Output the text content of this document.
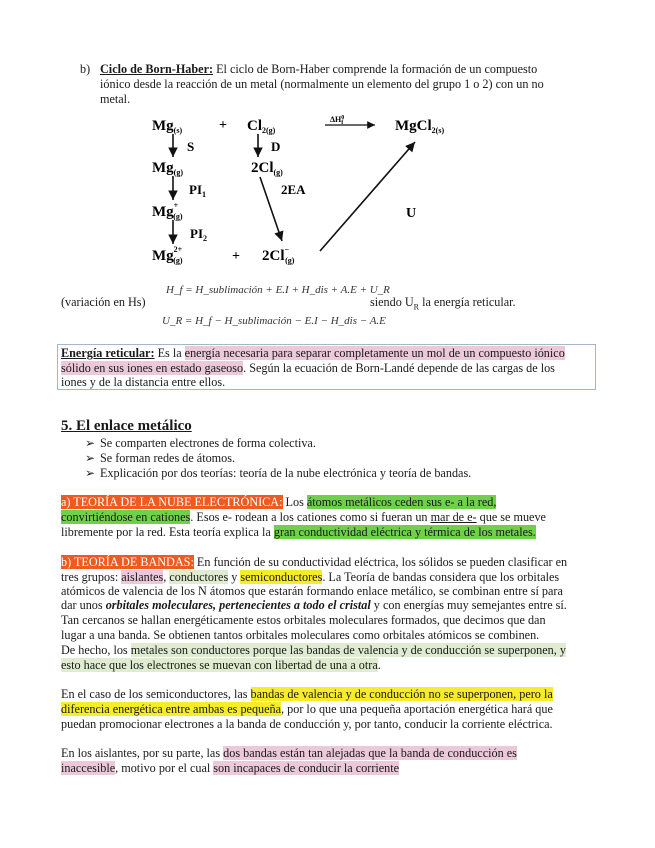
b) Ciclo de Born-Haber: El ciclo de Born-Haber comprende la formación de un compuesto
iónico desde la reacción de un metal (normalmente un elemento del grupo 1 o 2) con un no
metal.
$Mg_{(s)}$	+ $Cl_{2(g)}$
$\Delta H^0$ f	MgCl$_{2(s)}$
S	D
$Mg_{(g)}$	$2Cl_{(g)}$
$PI_1$	2EA
Mg+ (g)	U
$PI_2$
$Mg^{2+}$ (g)	+ 2Cl− (g)
(variación en Hs)
H_f = H_sublimación + E.I + H_dis + A.E + U_R
U_R = H_f − H_sublimación − E.I − H_dis − A.E
siendo $U_R$ la energía reticular.
Energía reticular: Es la energía necesaria para separar completamente un mol de un compuesto iónico
sólido en sus iones en estado gaseoso. Según la ecuación de Born-Landé depende de las cargas de los
iones y de la distancia entre ellos.
5. El enlace metálico
➢ Se comparten electrones de forma colectiva.
➢ Se forman redes de átomos.
➢ Explicación por dos teorías: teoría de la nube electrónica y teoría de bandas.
a) TEORÍA DE LA NUBE ELECTRÓNICA: Los átomos metálicos ceden sus e- a la red,
convirtiéndose en cationes. Esos e- rodean a los cationes como si fueran un mar de e- que se mueve
libremente por la red. Esta teoría explica la gran conductividad eléctrica y térmica de los metales.
b) TEORÍA DE BANDAS: En función de su conductividad eléctrica, los sólidos se pueden clasificar en
tres grupos: aislantes, conductores y semiconductores. La Teoría de bandas considera que los orbitales
atómicos de valencia de los N átomos que estarán formando enlace metálico, se combinan entre sí para
dar unos orbitales moleculares, pertenecientes a todo el cristal y con energías muy semejantes entre sí.
Tan cercanos se hallan energéticamente estos orbitales moleculares formados, que decimos que dan
lugar a una banda. Se obtienen tantos orbitales moleculares como orbitales atómicos se combinen.
De hecho, los metales son conductores porque las bandas de valencia y de conducción se superponen, y
esto hace que los electrones se muevan con libertad de una a otra.
En el caso de los semiconductores, las bandas de valencia y de conducción no se superponen, pero la
diferencia energética entre ambas es pequeña, por lo que una pequeña aportación energética hará que
puedan promocionar electrones a la banda de conducción y, por tanto, conducir la corriente eléctrica.
En los aislantes, por su parte, las dos bandas están tan alejadas que la banda de conducción es
inaccesible, motivo por el cual son incapaces de conducir la corriente
